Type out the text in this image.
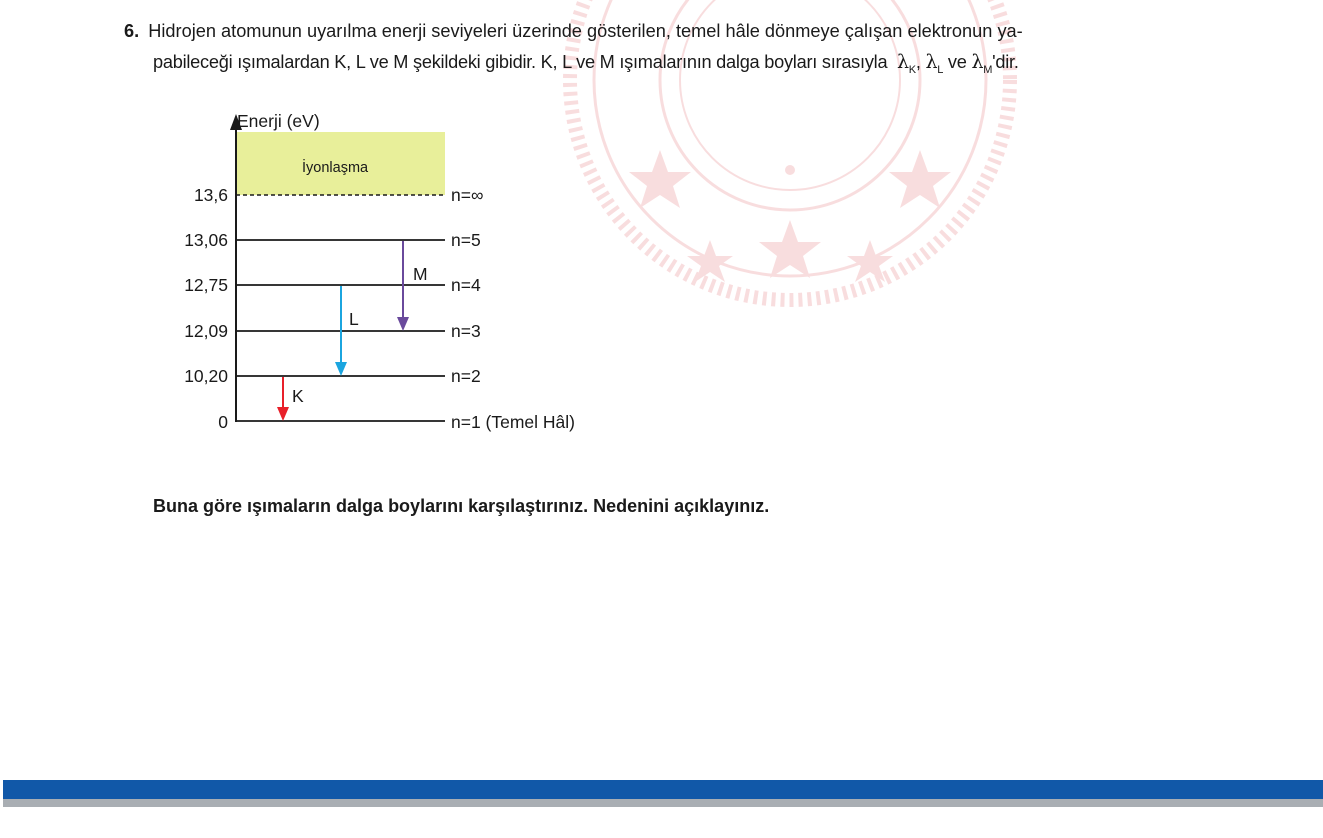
6. Hidrojen atomunun uyarılma enerji seviyeleri üzerinde gösterilen, temel hâle dönmeye çalışan elektronun ya-
pabileceği ışımalardan K, L ve M şekildeki gibidir. K, L ve M ışımalarının dalga boyları sırasıyla $\lambda_K$, $\lambda_L$ ve $\lambda_M'dir$.
İyonlaşma
Enerji (eV)
13,6
13,06
12,75
12,09
10,20
0
n=∞
n=5
n=4
n=3
n=2
n=1 (Temel Hâl)
M
L
K
Buna göre ışımaların dalga boylarını karşılaştırınız. Nedenini açıklayınız.
